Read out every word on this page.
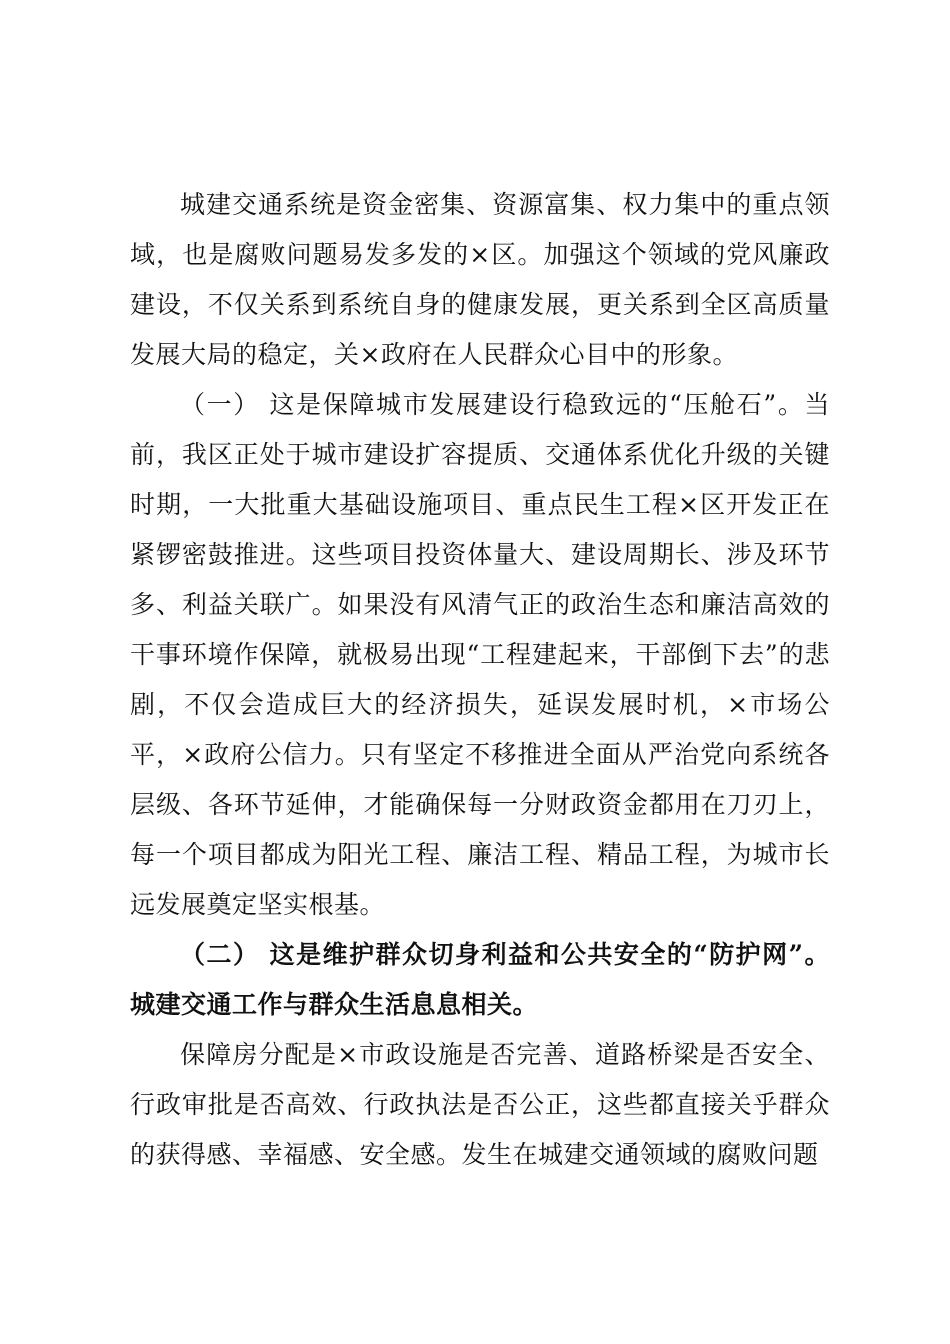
城建交通系统是资金密集、资源富集、权力集中的重点领域，也是腐败问题易发多发的×区。加强这个领域的党风廉政建设，不仅关系到系统自身的健康发展，更关系到全区高质量发展大局的稳定，关×政府在人民群众心目中的形象。

（一） 这是保障城市发展建设行稳致远的“压舱石”。当前，我区正处于城市建设扩容提质、交通体系优化升级的关键时期，一大批重大基础设施项目、重点民生工程×区开发正在紧锣密鼓推进。这些项目投资体量大、建设周期长、涉及环节多、利益关联广。如果没有风清气正的政治生态和廉洁高效的干事环境作保障，就极易出现“工程建起来，干部倒下去”的悲剧，不仅会造成巨大的经济损失，延误发展时机，×市场公平，×政府公信力。只有坚定不移推进全面从严治党向系统各层级、各环节延伸，才能确保每一分财政资金都用在刀刃上，每一个项目都成为阳光工程、廉洁工程、精品工程，为城市长远发展奠定坚实根基。

（二） 这是维护群众切身利益和公共安全的“防护网”。城建交通工作与群众生活息息相关。

保障房分配是×市政设施是否完善、道路桥梁是否安全、行政审批是否高效、行政执法是否公正，这些都直接关乎群众的获得感、幸福感、安全感。发生在城建交通领域的腐败问题
